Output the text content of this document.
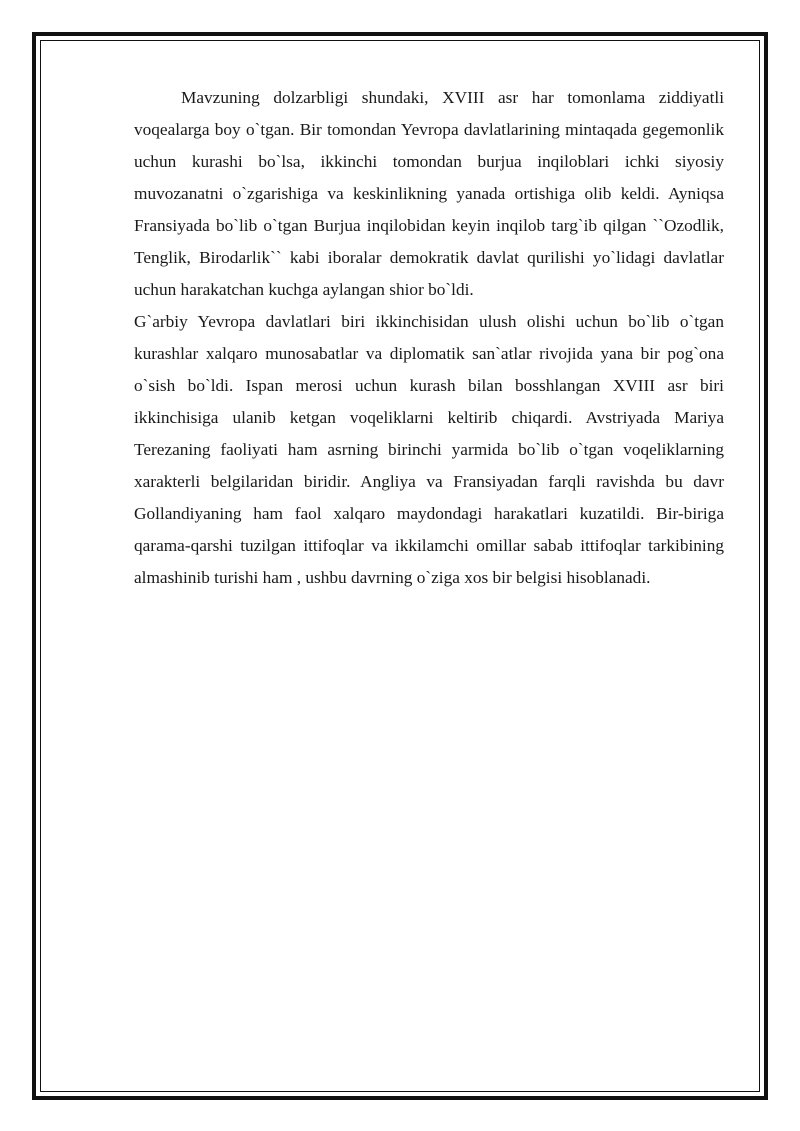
Mavzuning dolzarbligi shundaki, XVIII asr har tomonlama ziddiyatli voqealarga boy o`tgan. Bir tomondan Yevropa davlatlarining mintaqada gegemonlik uchun kurashi bo`lsa, ikkinchi tomondan burjua inqiloblari ichki siyosiy muvozanatni o`zgarishiga va keskinlikning yanada ortishiga olib keldi. Ayniqsa Fransiyada bo`lib o`tgan Burjua inqilobidan keyin inqilob targ`ib qilgan ``Ozodlik, Tenglik, Birodarlik`` kabi iboralar demokratik davlat qurilishi yo`lidagi davlatlar uchun harakatchan kuchga aylangan shior bo`ldi.

G`arbiy Yevropa davlatlari biri ikkinchisidan ulush olishi uchun bo`lib o`tgan kurashlar xalqaro munosabatlar va diplomatik san`atlar rivojida yana bir pog`ona o`sish bo`ldi. Ispan merosi uchun kurash bilan bosshlangan XVIII asr biri ikkinchisiga ulanib ketgan voqeliklarni keltirib chiqardi. Avstriyada Mariya Terezaning faoliyati ham asrning birinchi yarmida bo`lib o`tgan voqeliklarning xarakterli belgilaridan biridir. Angliya va Fransiyadan farqli ravishda bu davr Gollandiyaning ham faol xalqaro maydondagi harakatlari kuzatildi. Bir-biriga qarama-qarshi tuzilgan ittifoqlar va ikkilamchi omillar sabab ittifoqlar tarkibining almashinib turishi ham , ushbu davrning o`ziga xos bir belgisi hisoblanadi.
